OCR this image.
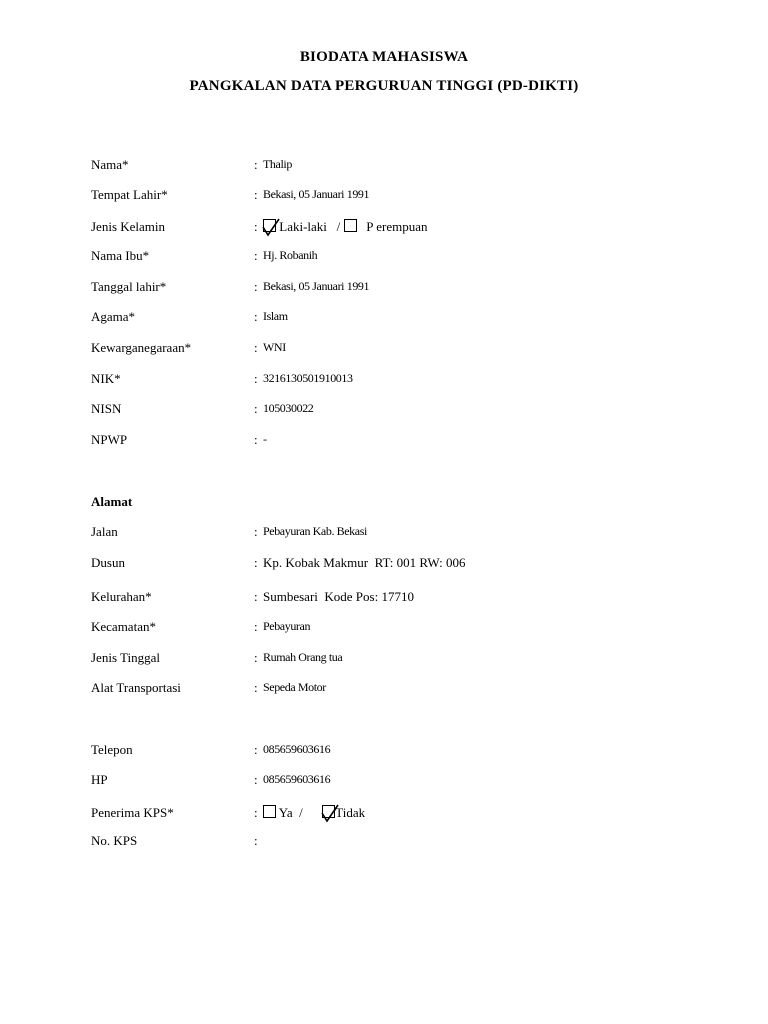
BIODATA MAHASISWA
PANGKALAN DATA PERGURUAN TINGGI (PD-DIKTI)
Nama*	: Thalip
Tempat Lahir*	: Bekasi, 05 Januari 1991
Jenis Kelamin	:	Laki-laki / P erempuan
Nama Ibu*	: Hj. Robanih
Tanggal lahir*	: Bekasi, 05 Januari 1991
Agama*	: Islam
Kewarganegaraan*	: WNI
NIK*	: 3216130501910013
NISN	: 105030022
NPWP	: -
Alamat
Jalan	: Pebayuran Kab. Bekasi
Dusun	: Kp. Kobak Makmur  RT: 001 RW: 006
Kelurahan*	: Sumbesari  Kode Pos: 17710
Kecamatan*	: Pebayuran
Jenis Tinggal	: Rumah Orang tua
Alat Transportasi	: Sepeda Motor
Telepon	: 085659603616
HP	: 085659603616
Penerima KPS*	:	Ya /	Tidak
No. KPS	:
